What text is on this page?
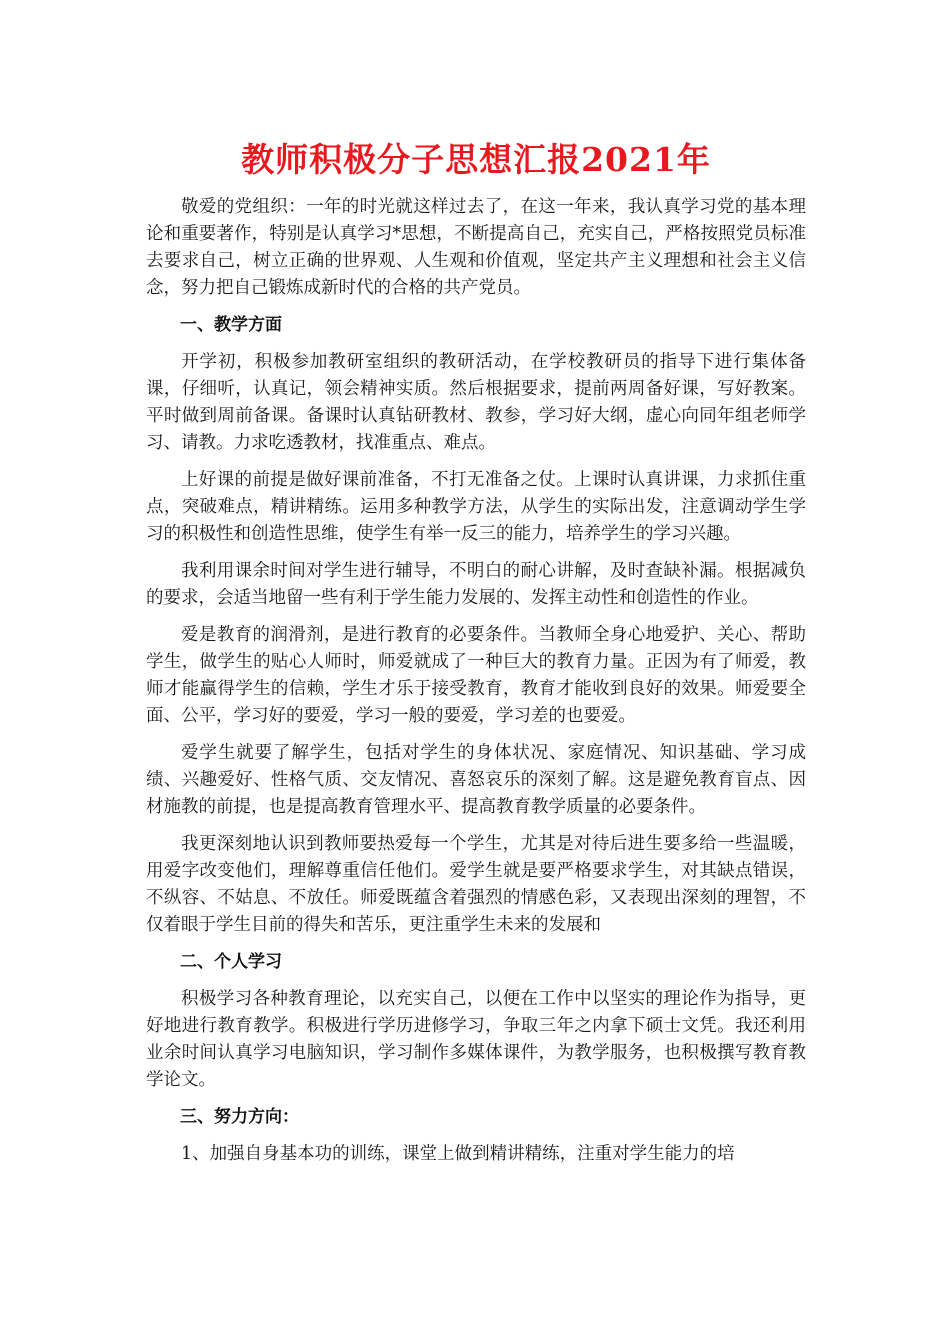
教师积极分子思想汇报2021年

敬爱的党组织：一年的时光就这样过去了，在这一年来，我认真学习党的基本理论和重要著作，特别是认真学习*思想，不断提高自己，充实自己，严格按照党员标准去要求自己，树立正确的世界观、人生观和价值观，坚定共产主义理想和社会主义信念，努力把自己锻炼成新时代的合格的共产党员。

一、教学方面

开学初，积极参加教研室组织的教研活动，在学校教研员的指导下进行集体备课，仔细听，认真记，领会精神实质。然后根据要求，提前两周备好课，写好教案。平时做到周前备课。备课时认真钻研教材、教参，学习好大纲，虚心向同年组老师学习、请教。力求吃透教材，找准重点、难点。

上好课的前提是做好课前准备，不打无准备之仗。上课时认真讲课，力求抓住重点，突破难点，精讲精练。运用多种教学方法，从学生的实际出发，注意调动学生学习的积极性和创造性思维，使学生有举一反三的能力，培养学生的学习兴趣。

我利用课余时间对学生进行辅导，不明白的耐心讲解，及时查缺补漏。根据减负的要求，会适当地留一些有利于学生能力发展的、发挥主动性和创造性的作业。

爱是教育的润滑剂，是进行教育的必要条件。当教师全身心地爱护、关心、帮助学生，做学生的贴心人师时，师爱就成了一种巨大的教育力量。正因为有了师爱，教师才能赢得学生的信赖，学生才乐于接受教育，教育才能收到良好的效果。师爱要全面、公平，学习好的要爱，学习一般的要爱，学习差的也要爱。

爱学生就要了解学生，包括对学生的身体状况、家庭情况、知识基础、学习成绩、兴趣爱好、性格气质、交友情况、喜怒哀乐的深刻了解。这是避免教育盲点、因材施教的前提，也是提高教育管理水平、提高教育教学质量的必要条件。

我更深刻地认识到教师要热爱每一个学生，尤其是对待后进生要多给一些温暖，用爱字改变他们，理解尊重信任他们。爱学生就是要严格要求学生，对其缺点错误，不纵容、不姑息、不放任。师爱既蕴含着强烈的情感色彩，又表现出深刻的理智，不仅着眼于学生目前的得失和苦乐，更注重学生未来的发展和

二、个人学习

积极学习各种教育理论，以充实自己，以便在工作中以坚实的理论作为指导，更好地进行教育教学。积极进行学历进修学习，争取三年之内拿下硕士文凭。我还利用业余时间认真学习电脑知识，学习制作多媒体课件，为教学服务，也积极撰写教育教学论文。

三、努力方向：

1、加强自身基本功的训练，课堂上做到精讲精练，注重对学生能力的培
